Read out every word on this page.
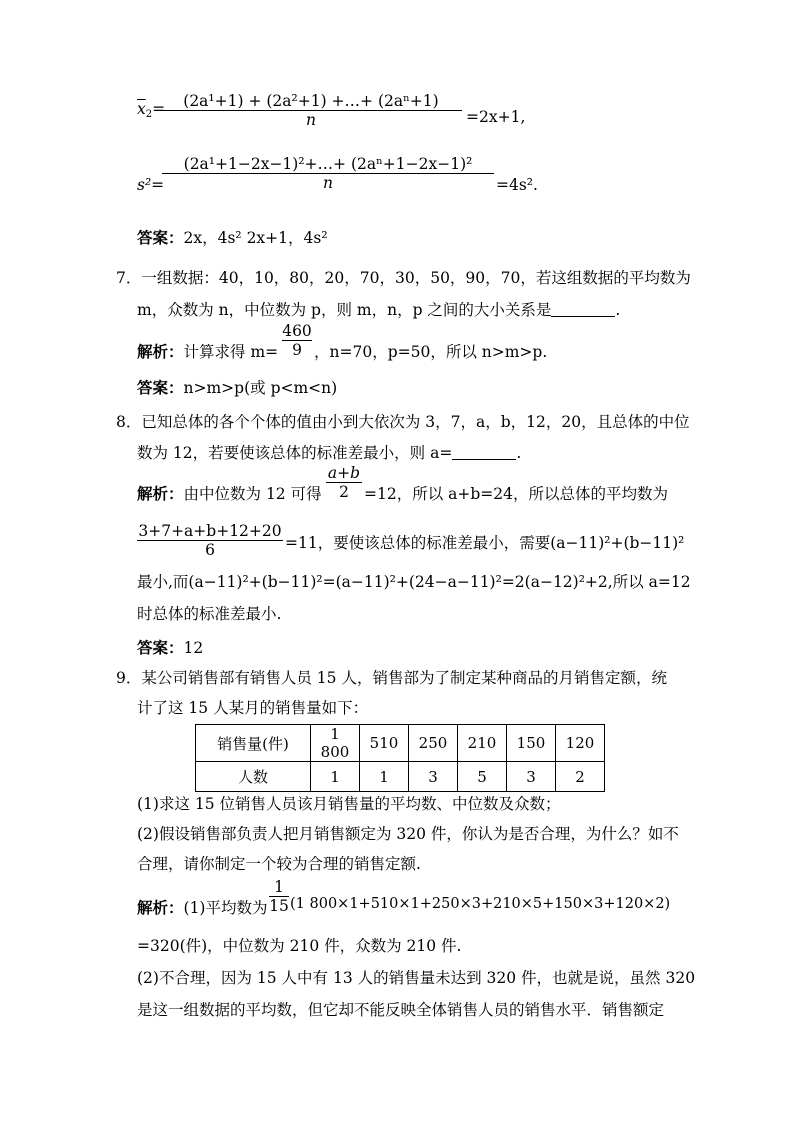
$\overline{x}_2= (2a^1+1) + (2a^2+1)$ +…+ (2aⁿ+1)
n	=2x+1,
s²=
(2a¹+1−2x−1)²+…+ (2aⁿ+1−2x−1)²
n	=4s².
答案：2x，4s² 2x+1，4s²
7．一组数据：40，10，80，20，70，30，50，90，70，若这组数据的平均数为
m，众数为 n，中位数为 p，则 m，n，p 之间的大小关系是	.
解析：计算求得 m=
460
9 ，n=70，p=50，所以 n>m>p.
答案：n>m>p(或 p<m<n)
8．已知总体的各个个体的值由小到大依次为 3，7，a，b，12，20，且总体的中位
数为 12，若要使该总体的标准差最小，则 a=	.
解析：由中位数为 12 可得
a+b
2 =12，所以 a+b=24，所以总体的平均数为
3+7+a+b+12+20
6	=11，要使该总体的标准差最小，需要(a−11)²+(b−11)²
最小,而(a−11)²+(b−11)²=(a−11)²+(24−a−11)²=2(a−12)²+2,所以 a=12
时总体的标准差最小.
答案：12
9．某公司销售部有销售人员 15 人，销售部为了制定某种商品的月销售定额，统
计了这 15 人某月的销售量如下：
销售量(件)	1 800	510	250	210	150	120
人数	1	1	3	5	3	2
(1)求这 15 位销售人员该月销售量的平均数、中位数及众数；
(2)假设销售部负责人把月销售额定为 320 件，你认为是否合理，为什么？如不
合理，请你制定一个较为合理的销售定额.
解析：(1)平均数为
1
15 (1 800×1+510×1+250×3+210×5+150×3+120×2)
=320(件)，中位数为 210 件，众数为 210 件.
(2)不合理，因为 15 人中有 13 人的销售量未达到 320 件，也就是说，虽然 320
是这一组数据的平均数，但它却不能反映全体销售人员的销售水平．销售额定
